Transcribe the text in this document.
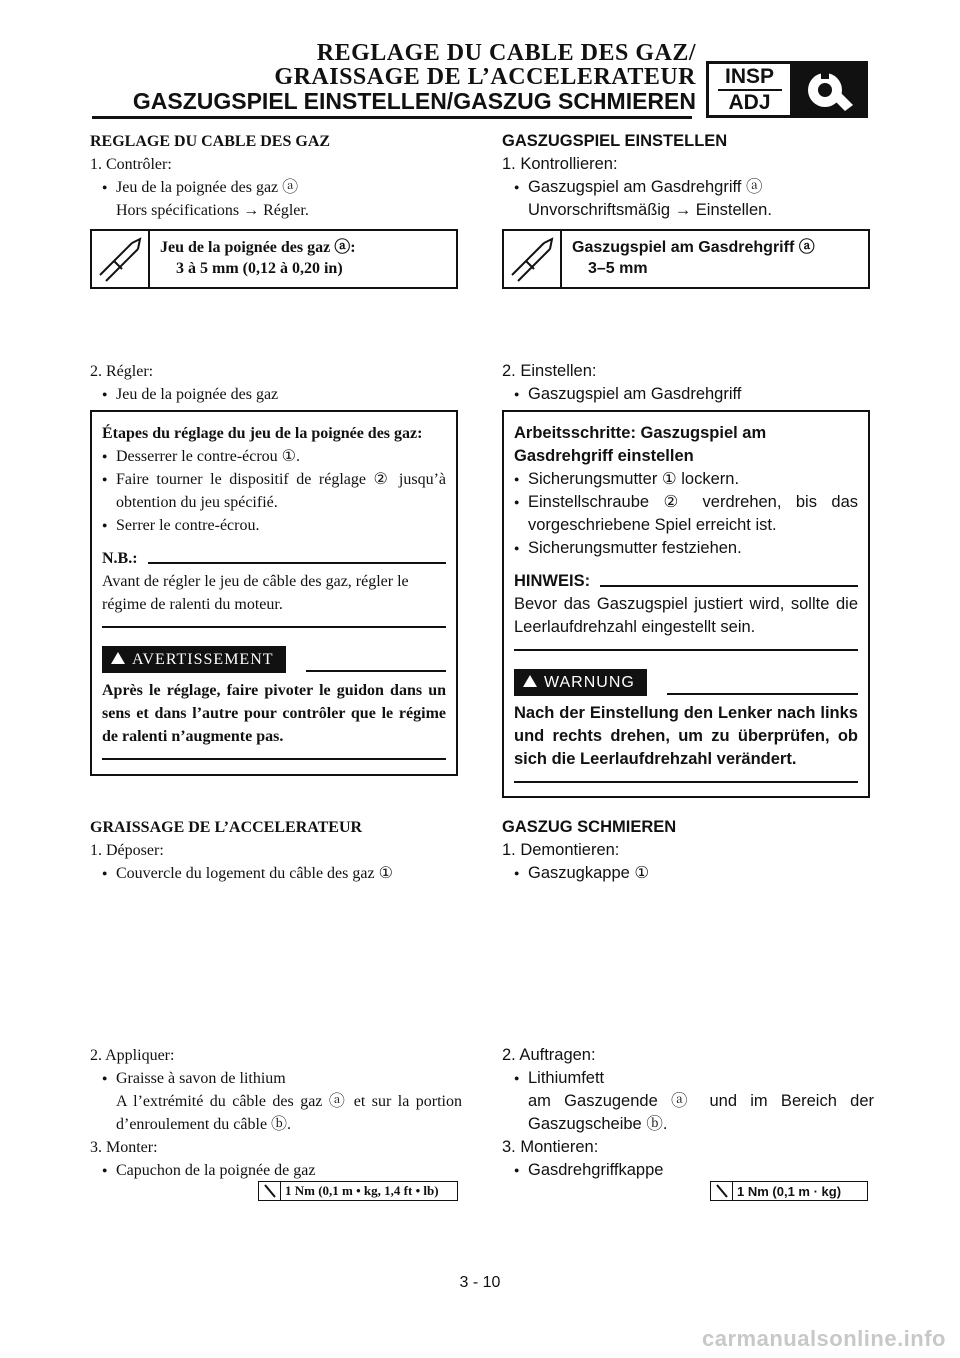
REGLAGE DU CABLE DES GAZ/
GRAISSAGE DE L’ACCELERATEUR
GASZUGSPIEL EINSTELLEN/GASZUG SCHMIEREN
INSP
ADJ
REGLAGE DU CABLE DES GAZ
1. Contrôler:
● Jeu de la poignée des gaz ⓐ
Hors spécifications → Régler.
Jeu de la poignée des gaz ⓐ:
3 à 5 mm (0,12 à 0,20 in)
2. Régler:
● Jeu de la poignée des gaz
Étapes du réglage du jeu de la poignée des gaz:
● Desserrer le contre-écrou ①.
● Faire tourner le dispositif de réglage ② jusqu’à obtention du jeu spécifié.
● Serrer le contre-écrou.
N.B.:
Avant de régler le jeu de câble des gaz, régler le régime de ralenti du moteur.
AVERTISSEMENT
Après le réglage, faire pivoter le guidon dans un sens et dans l’autre pour contrôler que le régime de ralenti n’augmente pas.
GRAISSAGE DE L’ACCELERATEUR
1. Déposer:
● Couvercle du logement du câble des gaz ①
2. Appliquer:
● Graisse à savon de lithium
A l’extrémité du câble des gaz ⓐ et sur la portion d’enroulement du câble ⓑ.
3. Monter:
● Capuchon de la poignée de gaz
1 Nm (0,1 m • kg, 1,4 ft • lb)
GASZUGSPIEL EINSTELLEN
1. Kontrollieren:
● Gaszugspiel am Gasdrehgriff ⓐ
Unvorschriftsmäßig → Einstellen.
Gaszugspiel am Gasdrehgriff ⓐ
3–5 mm
2. Einstellen:
● Gaszugspiel am Gasdrehgriff
Arbeitsschritte: Gaszugspiel am Gasdrehgriff einstellen
● Sicherungsmutter ① lockern.
● Einstellschraube ② verdrehen, bis das vorgeschriebene Spiel erreicht ist.
● Sicherungsmutter festziehen.
HINWEIS:
Bevor das Gaszugspiel justiert wird, sollte die Leerlaufdrehzahl eingestellt sein.
WARNUNG
Nach der Einstellung den Lenker nach links und rechts drehen, um zu überprüfen, ob sich die Leerlaufdrehzahl verändert.
GASZUG SCHMIEREN
1. Demontieren:
● Gaszugkappe ①
2. Auftragen:
● Lithiumfett
am Gaszugende ⓐ und im Bereich der Gaszugscheibe ⓑ.
3. Montieren:
● Gasdrehgriffkappe
1 Nm (0,1 m · kg)
3 - 10
carmanualsonline.info
